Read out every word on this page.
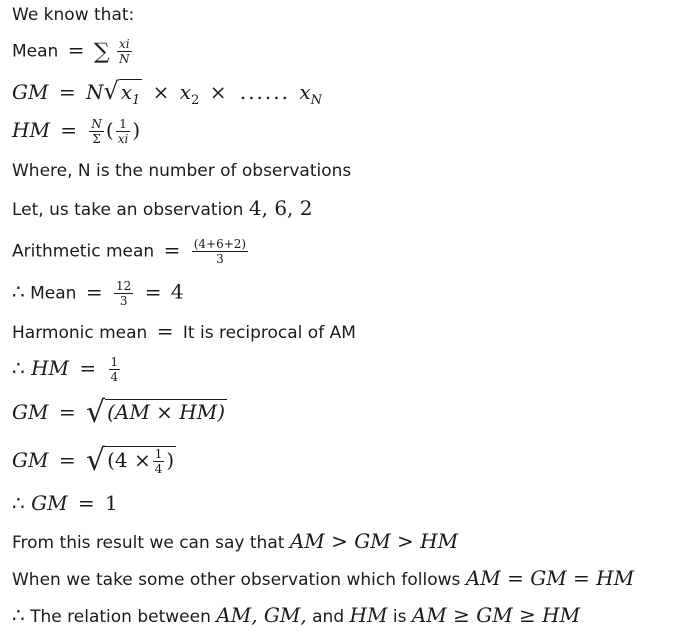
We know that:
Mean = ∑ $\frac{xi}{N}$
GM = N√ $x_1 \times x_2$ × ...... $x_N$
HM = $\frac{N}{\Sigma}$ ( $\frac{1}{xi}$ )
Where, N is the number of observations
Let, us take an observation 4, 6, 2
Arithmetic mean = $\frac{(4+6+2)}{3}$
∴ Mean = $\frac{12}{3} = 4$
Harmonic mean = It is reciprocal of AM
∴ HM = $\frac{1}{4}$
GM = √ (AM × HM)
GM = √ ($4 \times \frac{1}{4}$ )
∴ GM = 1
From this result we can say that AM > GM > HM
When we take some other observation which follows AM = GM = HM
∴ The relation between AM, GM, and HM is AM ≥ GM ≥ HM
